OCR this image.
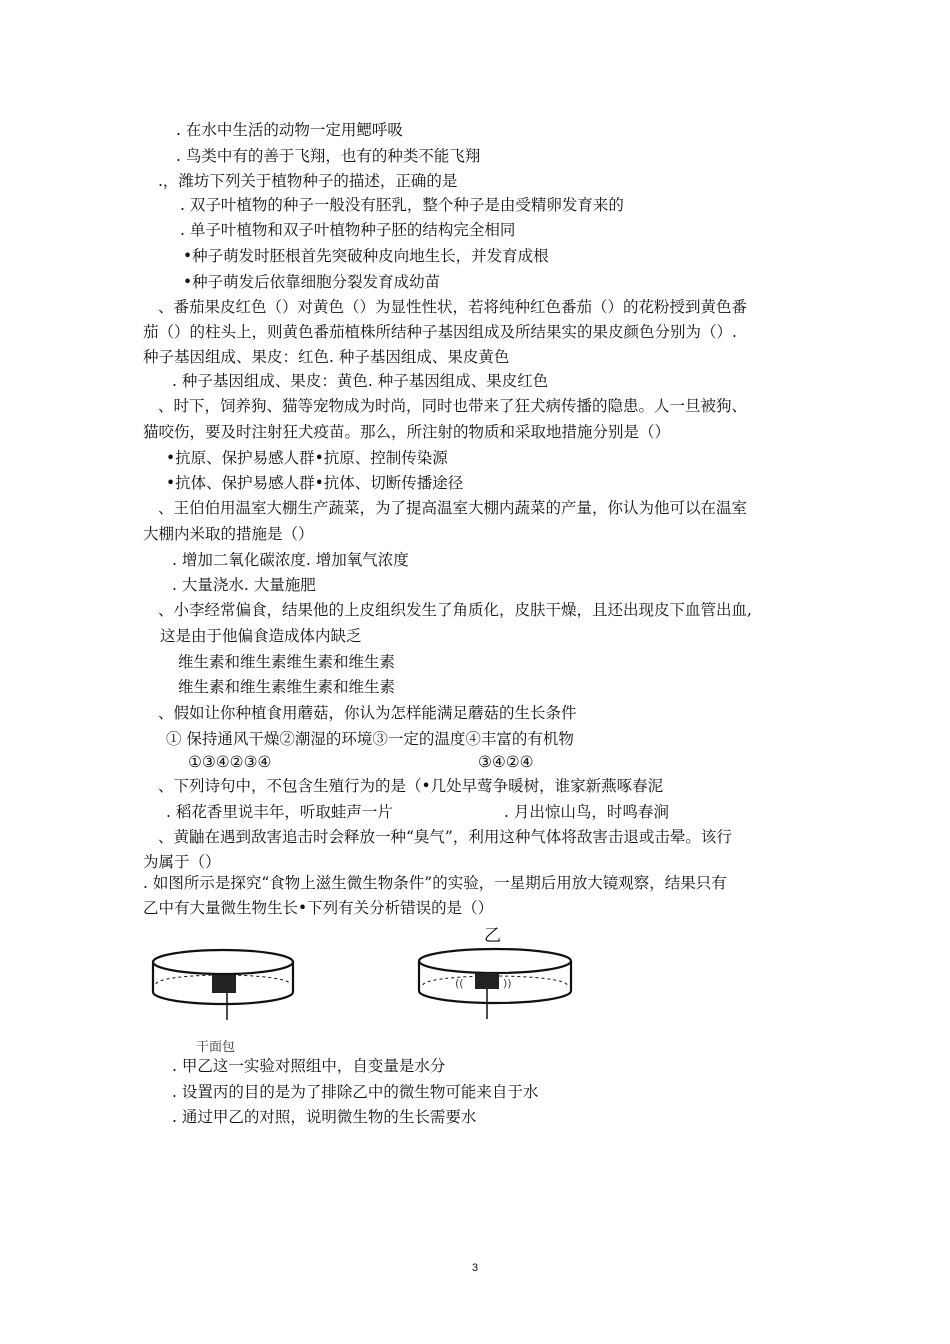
. 在水中生活的动物一定用鳃呼吸
. 鸟类中有的善于飞翔，也有的种类不能飞翔
.，潍坊下列关于植物种子的描述，正确的是
. 双子叶植物的种子一般没有胚乳，整个种子是由受精卵发育来的
. 单子叶植物和双子叶植物种子胚的结构完全相同
•种子萌发时胚根首先突破种皮向地生长，并发育成根
•种子萌发后依靠细胞分裂发育成幼苗
、番茄果皮红色（）对黄色（）为显性性状，若将纯种红色番茄（）的花粉授到黄色番
茄（）的柱头上，则黄色番茄植株所结种子基因组成及所结果实的果皮颜色分别为（）.
种子基因组成、果皮：红色. 种子基因组成、果皮黄色
. 种子基因组成、果皮：黄色. 种子基因组成、果皮红色
、时下，饲养狗、猫等宠物成为时尚，同时也带来了狂犬病传播的隐患。人一旦被狗、
猫咬伤，要及时注射狂犬疫苗。那么，所注射的物质和采取地措施分别是（）
•抗原、保护易感人群•抗原、控制传染源
•抗体、保护易感人群•抗体、切断传播途径
、王伯伯用温室大棚生产蔬菜，为了提高温室大棚内蔬菜的产量，你认为他可以在温室
大棚内米取的措施是（）
. 增加二氧化碳浓度. 增加氧气浓度
. 大量浇水. 大量施肥
、小李经常偏食，结果他的上皮组织发生了角质化，皮肤干燥，且还出现皮下血管出血,
这是由于他偏食造成体内缺乏
维生素和维生素维生素和维生素
维生素和维生素维生素和维生素
、假如让你种植食用蘑菇，你认为怎样能满足蘑菇的生长条件
① 保持通风干燥②潮湿的环境③一定的温度④丰富的有机物
①③④②③④	③④②④
、下列诗句中，不包含生殖行为的是（•几处早莺争暖树，谁家新燕啄春泥
. 稻花香里说丰年，听取蛙声一片	. 月出惊山鸟，时鸣春涧
、黄鼬在遇到敌害追击时会释放一种“臭气”，利用这种气体将敌害击退或击晕。该行
为属于（）
. 如图所示是探究“食物上滋生微生物条件”的实验，一星期后用放大镜观察，结果只有
乙中有大量微生物生长•下列有关分析错误的是（）
干面包
乙
((	))
. 甲乙这一实验对照组中，自变量是水分
. 设置丙的目的是为了排除乙中的微生物可能来自于水
. 通过甲乙的对照，说明微生物的生长需要水
3
